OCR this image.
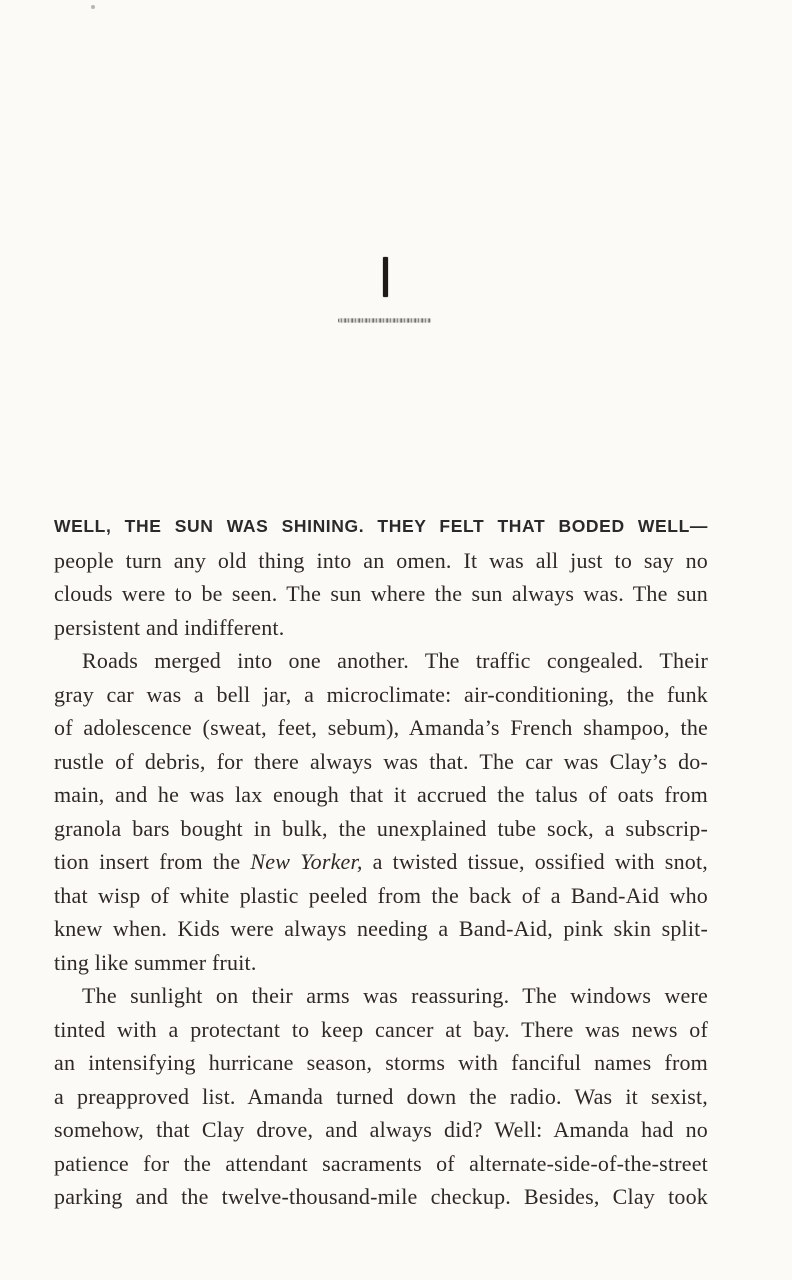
WELL, THE SUN WAS SHINING. THEY FELT THAT BODED WELL—
people turn any old thing into an omen. It was all just to say no
clouds were to be seen. The sun where the sun always was. The sun
persistent and indifferent.
Roads merged into one another. The traffic congealed. Their
gray car was a bell jar, a microclimate: air-conditioning, the funk
of adolescence (sweat, feet, sebum), Amanda’s French shampoo, the
rustle of debris, for there always was that. The car was Clay’s do-
main, and he was lax enough that it accrued the talus of oats from
granola bars bought in bulk, the unexplained tube sock, a subscrip-
tion insert from the New Yorker, a twisted tissue, ossified with snot,
that wisp of white plastic peeled from the back of a Band-Aid who
knew when. Kids were always needing a Band-Aid, pink skin split-
ting like summer fruit.
The sunlight on their arms was reassuring. The windows were
tinted with a protectant to keep cancer at bay. There was news of
an intensifying hurricane season, storms with fanciful names from
a preapproved list. Amanda turned down the radio. Was it sexist,
somehow, that Clay drove, and always did? Well: Amanda had no
patience for the attendant sacraments of alternate-side-of-the-street
parking and the twelve-thousand-mile checkup. Besides, Clay took
